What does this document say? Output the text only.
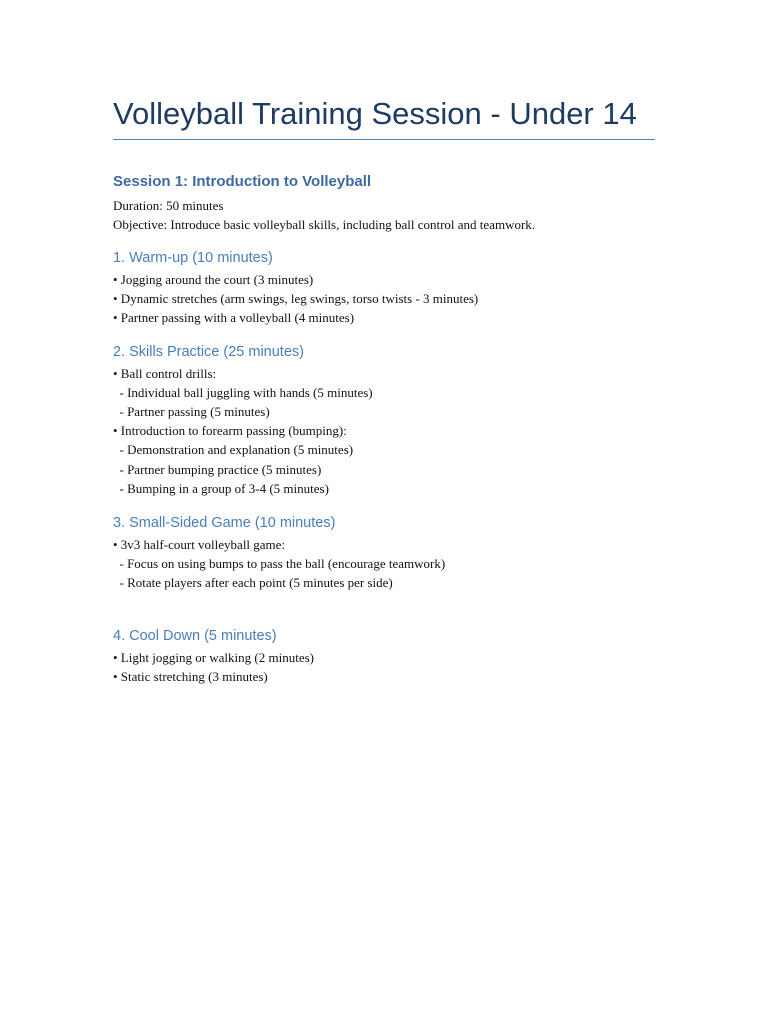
Volleyball Training Session - Under 14
Session 1: Introduction to Volleyball
Duration: 50 minutes
Objective: Introduce basic volleyball skills, including ball control and teamwork.
1. Warm-up (10 minutes)
• Jogging around the court (3 minutes)
• Dynamic stretches (arm swings, leg swings, torso twists - 3 minutes)
• Partner passing with a volleyball (4 minutes)
2. Skills Practice (25 minutes)
• Ball control drills:
- Individual ball juggling with hands (5 minutes)
- Partner passing (5 minutes)
• Introduction to forearm passing (bumping):
- Demonstration and explanation (5 minutes)
- Partner bumping practice (5 minutes)
- Bumping in a group of 3-4 (5 minutes)
3. Small-Sided Game (10 minutes)
• 3v3 half-court volleyball game:
- Focus on using bumps to pass the ball (encourage teamwork)
- Rotate players after each point (5 minutes per side)
4. Cool Down (5 minutes)
• Light jogging or walking (2 minutes)
• Static stretching (3 minutes)
